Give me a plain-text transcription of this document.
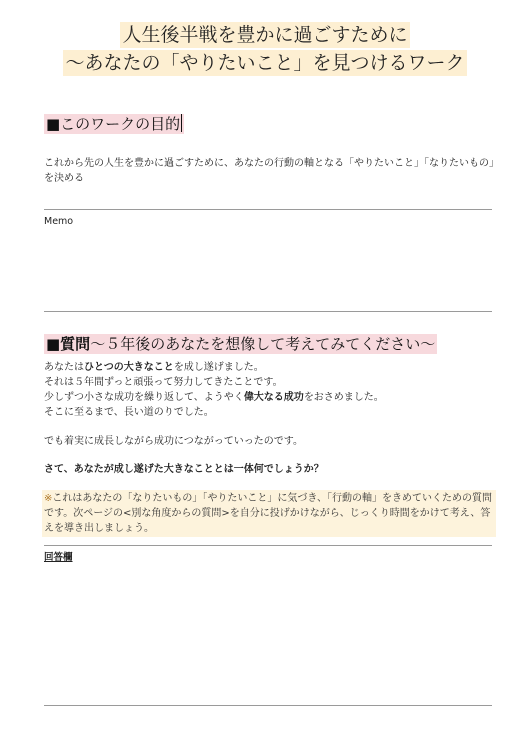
人生後半戦を豊かに過ごすために
～あなたの「やりたいこと」を見つけるワーク
■このワークの目的
これから先の人生を豊かに過ごすために、あなたの行動の軸となる「やりたいこと」「なりたいもの」を決める
Memo
■質問～５年後のあなたを想像して考えてみてください～
あなたはひとつの大きなことを成し遂げました。
それは５年間ずっと頑張って努力してきたことです。
少しずつ小さな成功を繰り返して、ようやく偉大なる成功をおさめました。
そこに至るまで、長い道のりでした。
でも着実に成長しながら成功につながっていったのです。
さて、あなたが成し遂げた大きなこととは一体何でしょうか？
※これはあなたの「なりたいもの」「やりたいこと」に気づき、「行動の軸」をきめていくための質問です。次ページの<別な角度からの質問>を自分に投げかけながら、じっくり時間をかけて考え、答えを導き出しましょう。
回答欄
